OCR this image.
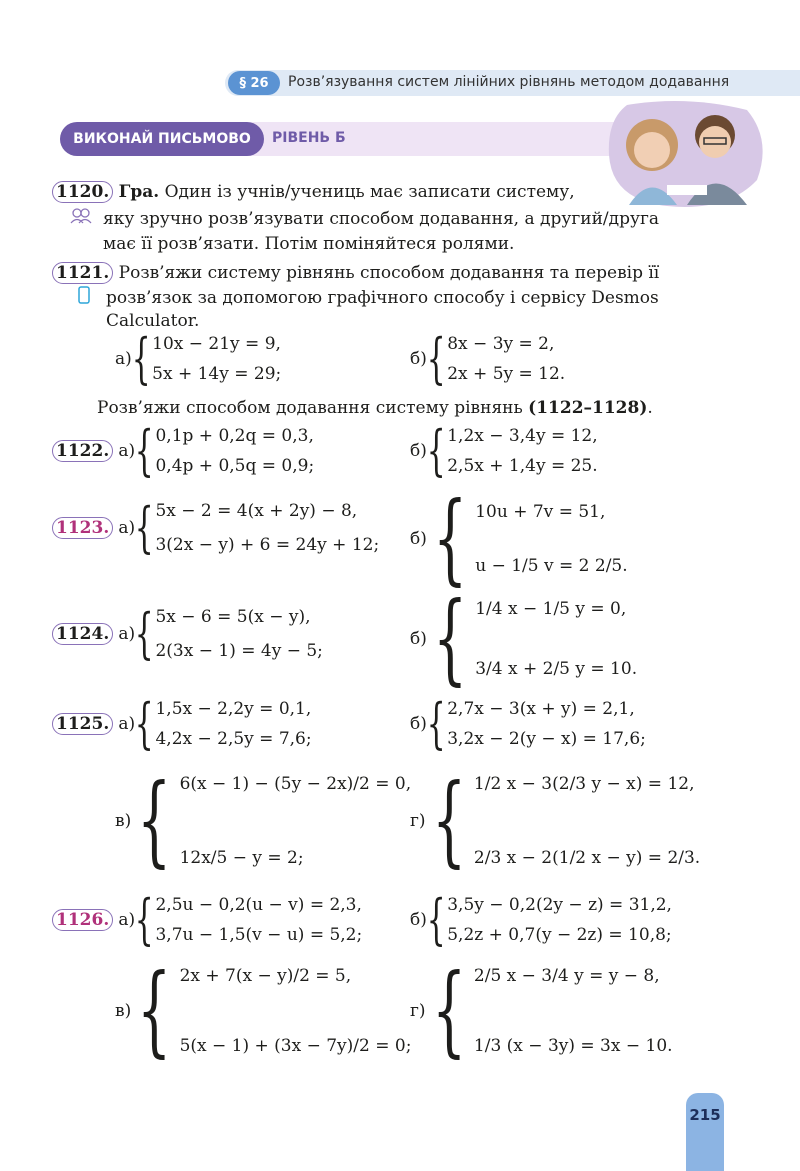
§ 26	Розв’язування систем лінійних рівнянь методом додавання
ВИКОНАЙ ПИСЬМОВО	РІВЕНЬ Б
1120. Гра. Один із учнів/учениць має записати систему,
яку зручно розв’язувати способом додавання, а другий/друга
має її розв’язати. Потім поміняйтеся ролями.
1121. Розв’яжи систему рівнянь способом додавання та перевір її
розв’язок за допомогою графічного способу і сервісу Desmos
Calculator.
а) { 10x − 21y = 9,
5x + 14y = 29;
б) { 8x − 3y = 2,
2x + 5y = 12.
Розв’яжи способом додавання систему рівнянь (1122–1128).
1122.
а) { 0,1p + 0,2q = 0,3,
0,4p + 0,5q = 0,9;
б) { 1,2x − 3,4y = 12,
2,5x + 1,4y = 25.
1123.
а) { 5x − 2 = 4(x + 2y) − 8,
3(2x − y) + 6 = 24y + 12; б) { 10u + 7v = 51,
u − 1/5 v = 2 2/5.
1124.
а) { 5x − 6 = 5(x − y),
2(3x − 1) = 4y − 5;
б) { 1/4 x − 1/5 y = 0,
3/4 x + 2/5 y = 10.
1125.
а) { 1,5x − 2,2y = 0,1,
4,2x − 2,5y = 7,6;
б) { 2,7x − 3(x + y) = 2,1,
3,2x − 2(y − x) = 17,6;
в) { 6(x − 1) − (5y − 2x)/2 = 0,
12x/5 − y = 2;
г) { 1/2 x − 3(2/3 y − x) = 12,
2/3 x − 2(1/2 x − y) = 2/3.
1126.
а) { 2,5u − 0,2(u − v) = 2,3,
3,7u − 1,5(v − u) = 5,2;
б) { 3,5y − 0,2(2y − z) = 31,2,
5,2z + 0,7(y − 2z) = 10,8;
в) { 2x + 7(x − y)/2 = 5,
5(x − 1) + (3x − 7y)/2 = 0;
г) { 2/5 x − 3/4 y = y − 8,
1/3 (x − 3y) = 3x − 10.
215
